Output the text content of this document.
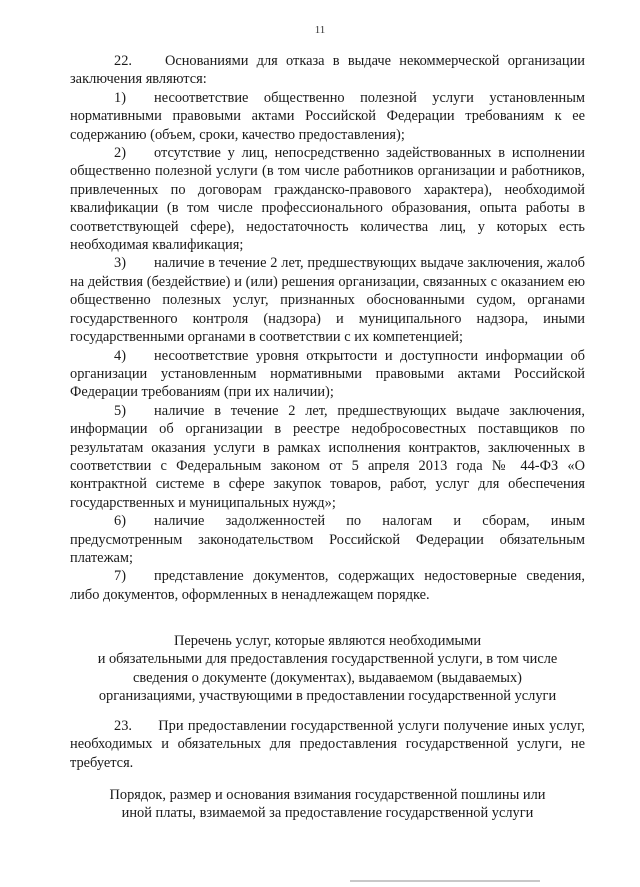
11

22. Основаниями для отказа в выдаче некоммерческой организации заключения являются:

1) несоответствие общественно полезной услуги установленным нормативными правовыми актами Российской Федерации требованиям к ее содержанию (объем, сроки, качество предоставления);

2) отсутствие у лиц, непосредственно задействованных в исполнении общественно полезной услуги (в том числе работников организации и работников, привлеченных по договорам гражданско-правового характера), необходимой квалификации (в том числе профессионального образования, опыта работы в соответствующей сфере), недостаточность количества лиц, у которых есть необходимая квалификация;

3) наличие в течение 2 лет, предшествующих выдаче заключения, жалоб на действия (бездействие) и (или) решения организации, связанных с оказанием ею общественно полезных услуг, признанных обоснованными судом, органами государственного контроля (надзора) и муниципального надзора, иными государственными органами в соответствии с их компетенцией;

4) несоответствие уровня открытости и доступности информации об организации установленным нормативными правовыми актами Российской Федерации требованиям (при их наличии);

5) наличие в течение 2 лет, предшествующих выдаче заключения, информации об организации в реестре недобросовестных поставщиков по результатам оказания услуги в рамках исполнения контрактов, заключенных в соответствии с Федеральным законом от 5 апреля 2013 года № 44-ФЗ «О контрактной системе в сфере закупок товаров, работ, услуг для обеспечения государственных и муниципальных нужд»;

6) наличие задолженностей по налогам и сборам, иным предусмотренным законодательством Российской Федерации обязательным платежам;

7) представление документов, содержащих недостоверные сведения, либо документов, оформленных в ненадлежащем порядке.

Перечень услуг, которые являются необходимыми

и обязательными для предоставления государственной услуги, в том числе

сведения о документе (документах), выдаваемом (выдаваемых)

организациями, участвующими в предоставлении государственной услуги

23. При предоставлении государственной услуги получение иных услуг, необходимых и обязательных для предоставления государственной услуги, не требуется.

Порядок, размер и основания взимания государственной пошлины или

иной платы, взимаемой за предоставление государственной услуги
